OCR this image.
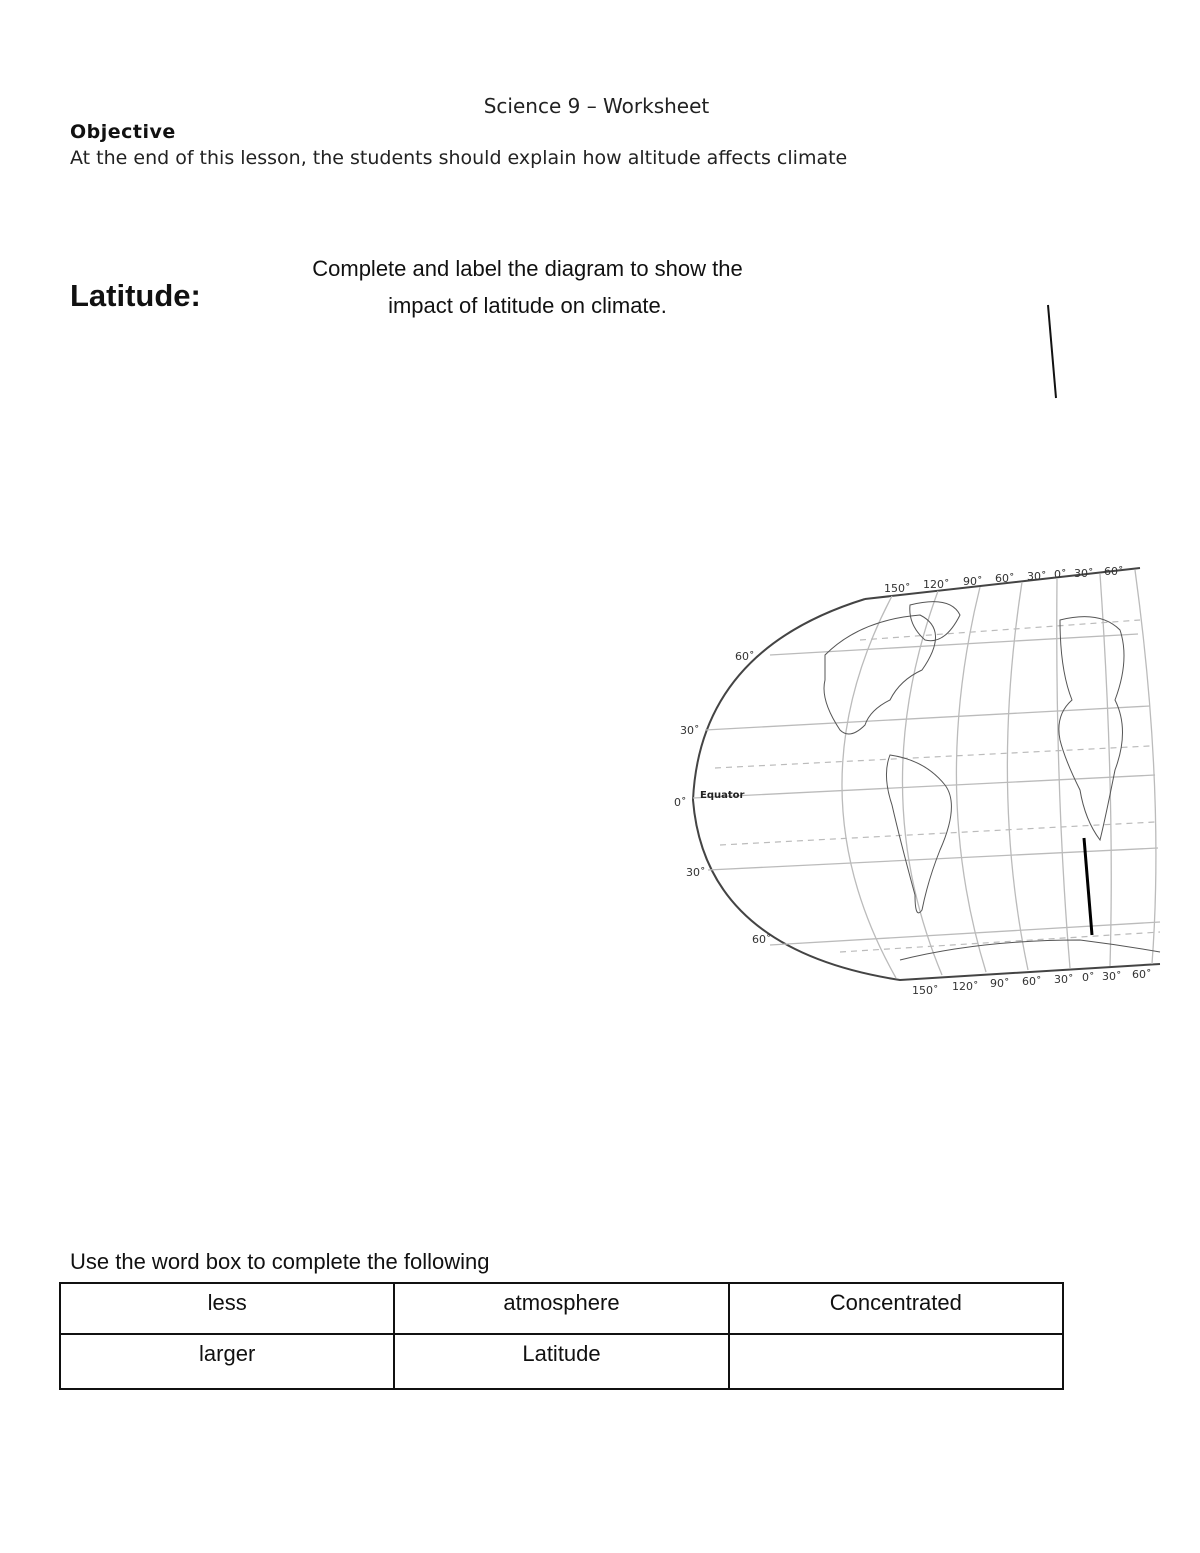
Science 9 – Worksheet
Objective
At the end of this lesson, the students should explain how altitude affects climate
Latitude:
Complete and label the diagram to show the
impact of latitude on climate.
150˚ 120˚ 90˚ 60˚ 30˚ 0˚ 30˚ 60˚
150˚ 120˚ 90˚ 60˚ 30˚ 0˚ 30˚ 60˚
60˚
30˚
0˚
30˚
60˚
Equator
Use the word box to complete the following
less	atmosphere	Concentrated
larger	Latitude	
